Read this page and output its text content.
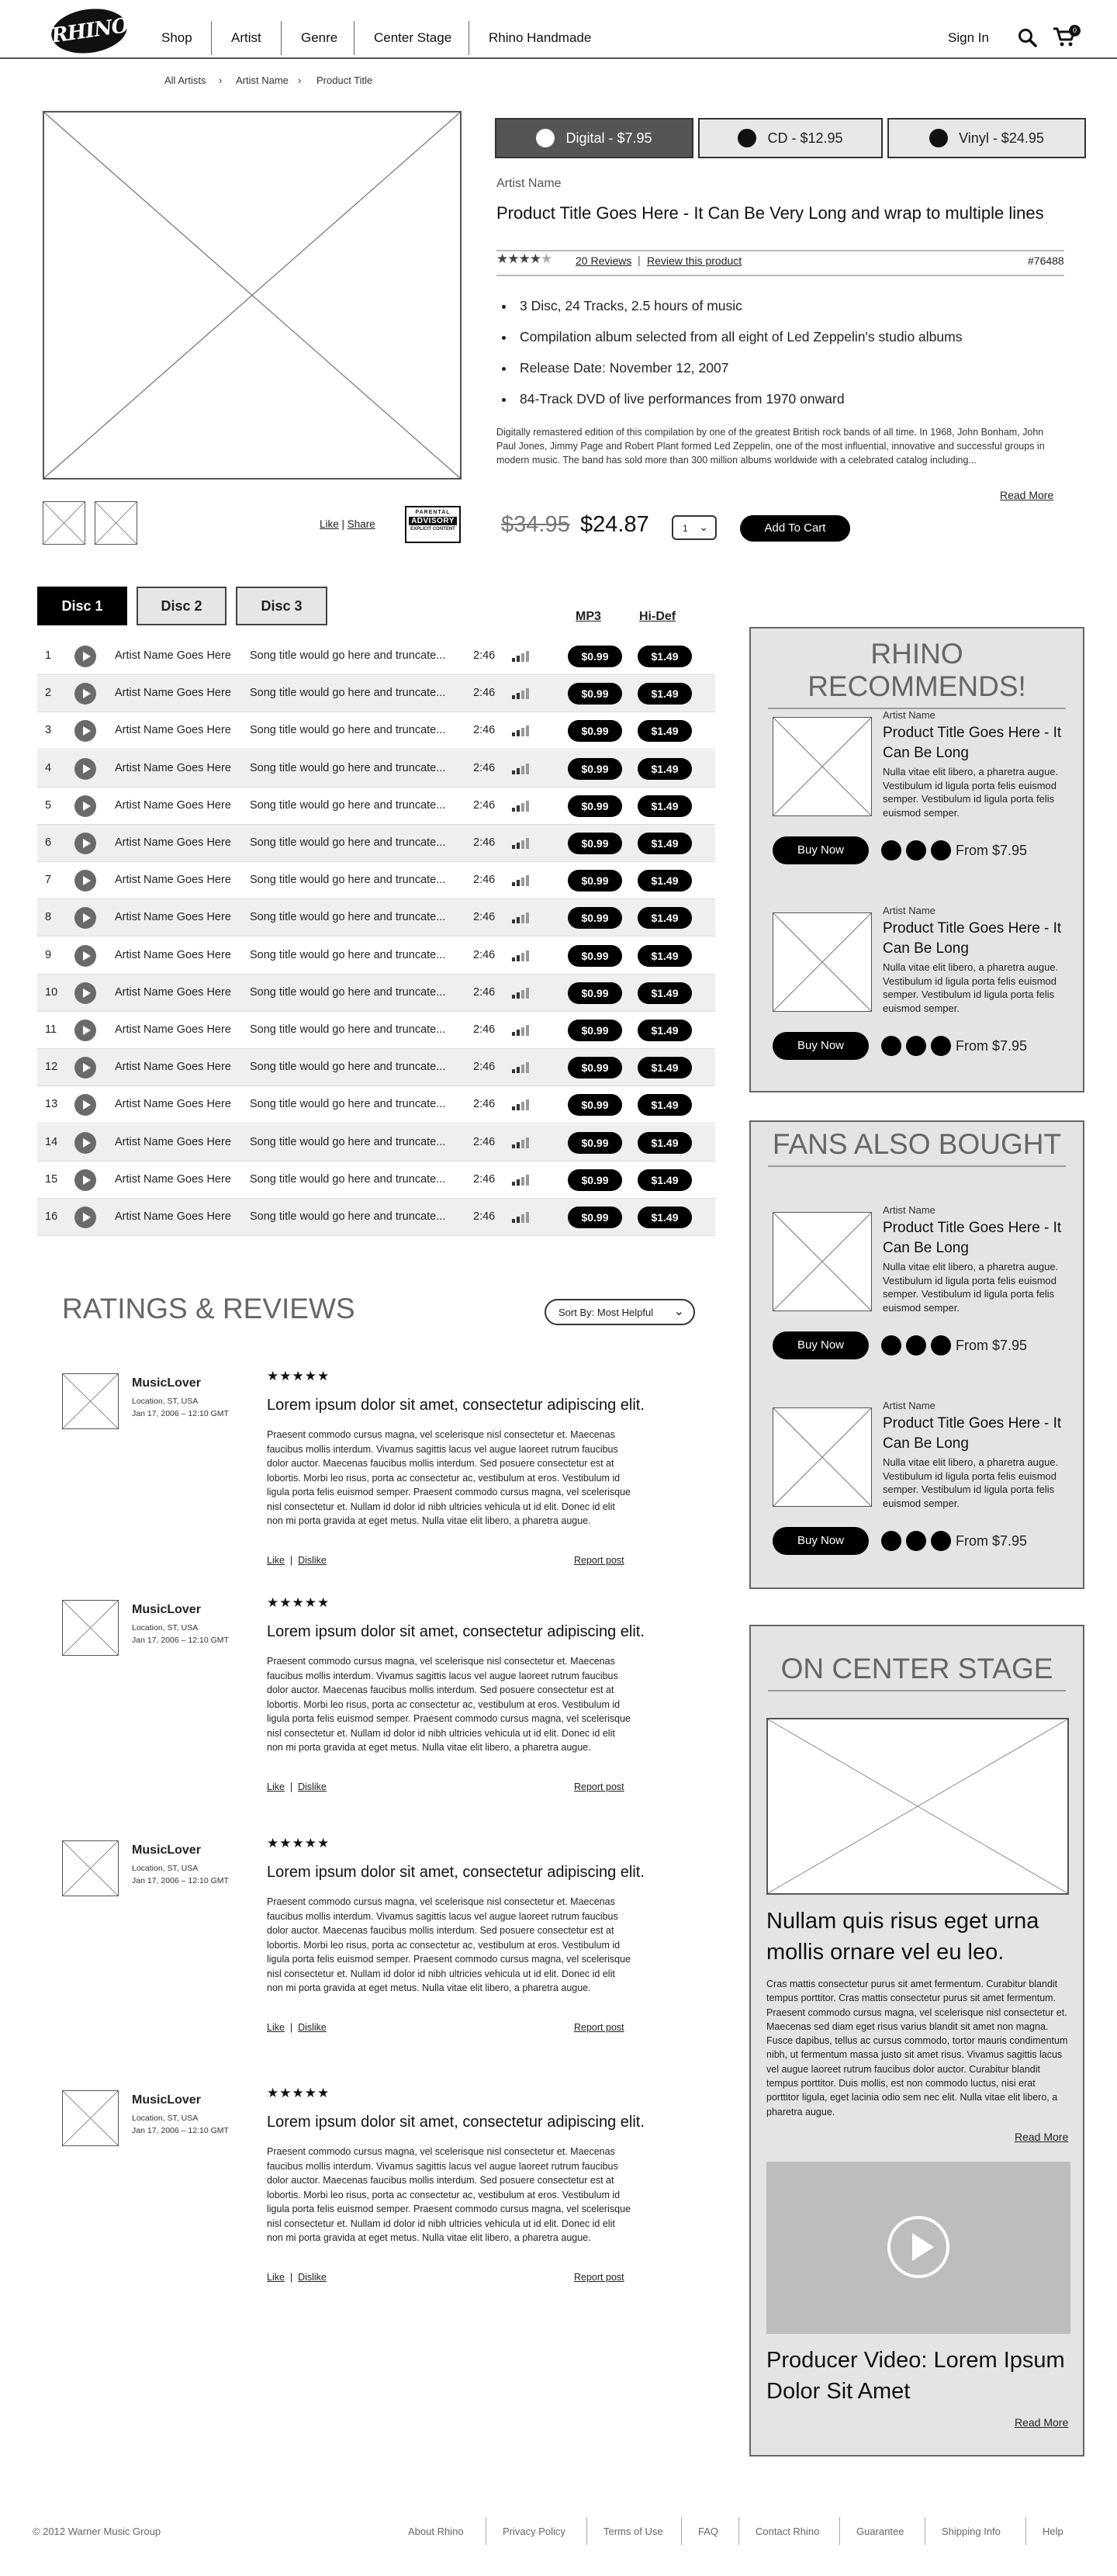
RHINO Shop	Artist	Genre	Center Stage	Rhino Handmade	Sign In	0
All Artists › Artist Name › Product Title
Like | Share
PARENTAL
ADVISORY
EXPLICIT CONTENT
Digital - $7.95	CD - $12.95	Vinyl - $24.95
Artist Name
Product Title Goes Here - It Can Be Very Long and wrap to multiple lines
★★★★★ 20 Reviews | Review this product	#76488
• 3 Disc, 24 Tracks, 2.5 hours of music
• Compilation album selected from all eight of Led Zeppelin's studio albums
• Release Date: November 12, 2007
• 84-Track DVD of live performances from 1970 onward
Digitally remastered edition of this compilation by one of the greatest British rock bands of all time. In 1968, John Bonham, John Paul Jones, Jimmy Page and Robert Plant formed Led Zeppelin, one of the most influential, innovative and successful groups in modern music. The band has sold more than 300 million albums worldwide with a celebrated catalog including...
Read More
$34.95 $24.87	1 ⌄	Add To Cart
Disc 1	Disc 2	Disc 3
MP3	Hi-Def
1	Artist Name Goes Here Song title would go here and truncate... 2:46	$0.99	$1.49
2	Artist Name Goes Here Song title would go here and truncate... 2:46	$0.99	$1.49
3	Artist Name Goes Here Song title would go here and truncate... 2:46	$0.99	$1.49
4	Artist Name Goes Here Song title would go here and truncate... 2:46	$0.99	$1.49
5	Artist Name Goes Here Song title would go here and truncate... 2:46	$0.99	$1.49
6	Artist Name Goes Here Song title would go here and truncate... 2:46	$0.99	$1.49
7	Artist Name Goes Here Song title would go here and truncate... 2:46	$0.99	$1.49
8	Artist Name Goes Here Song title would go here and truncate... 2:46	$0.99	$1.49
9	Artist Name Goes Here Song title would go here and truncate... 2:46	$0.99	$1.49
10	Artist Name Goes Here Song title would go here and truncate... 2:46	$0.99	$1.49
11	Artist Name Goes Here Song title would go here and truncate... 2:46	$0.99	$1.49
12	Artist Name Goes Here Song title would go here and truncate... 2:46	$0.99	$1.49
13	Artist Name Goes Here Song title would go here and truncate... 2:46	$0.99	$1.49
14	Artist Name Goes Here Song title would go here and truncate... 2:46	$0.99	$1.49
15	Artist Name Goes Here Song title would go here and truncate... 2:46	$0.99	$1.49
16	Artist Name Goes Here Song title would go here and truncate... 2:46	$0.99	$1.49
RATINGS & REVIEWS	Sort By: Most Helpful ⌄
MusicLover
Location, ST, USA
Jan 17, 2006 – 12:10 GMT
★★★★★
Lorem ipsum dolor sit amet, consectetur adipiscing elit.
Praesent commodo cursus magna, vel scelerisque nisl consectetur et. Maecenas faucibus mollis interdum. Vivamus sagittis lacus vel augue laoreet rutrum faucibus dolor auctor. Maecenas faucibus mollis interdum. Sed posuere consectetur est at lobortis. Morbi leo risus, porta ac consectetur ac, vestibulum at eros. Vestibulum id ligula porta felis euismod semper. Praesent commodo cursus magna, vel scelerisque nisl consectetur et. Nullam id dolor id nibh ultricies vehicula ut id elit. Donec id elit non mi porta gravida at eget metus. Nulla vitae elit libero, a pharetra augue.
Like  |  Dislike	Report post
MusicLover
Location, ST, USA
Jan 17, 2006 – 12:10 GMT
★★★★★
Lorem ipsum dolor sit amet, consectetur adipiscing elit.
Praesent commodo cursus magna, vel scelerisque nisl consectetur et. Maecenas faucibus mollis interdum. Vivamus sagittis lacus vel augue laoreet rutrum faucibus dolor auctor. Maecenas faucibus mollis interdum. Sed posuere consectetur est at lobortis. Morbi leo risus, porta ac consectetur ac, vestibulum at eros. Vestibulum id ligula porta felis euismod semper. Praesent commodo cursus magna, vel scelerisque nisl consectetur et. Nullam id dolor id nibh ultricies vehicula ut id elit. Donec id elit non mi porta gravida at eget metus. Nulla vitae elit libero, a pharetra augue.
Like  |  Dislike	Report post
MusicLover
Location, ST, USA
Jan 17, 2006 – 12:10 GMT
★★★★★
Lorem ipsum dolor sit amet, consectetur adipiscing elit.
Praesent commodo cursus magna, vel scelerisque nisl consectetur et. Maecenas faucibus mollis interdum. Vivamus sagittis lacus vel augue laoreet rutrum faucibus dolor auctor. Maecenas faucibus mollis interdum. Sed posuere consectetur est at lobortis. Morbi leo risus, porta ac consectetur ac, vestibulum at eros. Vestibulum id ligula porta felis euismod semper. Praesent commodo cursus magna, vel scelerisque nisl consectetur et. Nullam id dolor id nibh ultricies vehicula ut id elit. Donec id elit non mi porta gravida at eget metus. Nulla vitae elit libero, a pharetra augue.
Like  |  Dislike	Report post
MusicLover
Location, ST, USA
Jan 17, 2006 – 12:10 GMT
★★★★★
Lorem ipsum dolor sit amet, consectetur adipiscing elit.
Praesent commodo cursus magna, vel scelerisque nisl consectetur et. Maecenas faucibus mollis interdum. Vivamus sagittis lacus vel augue laoreet rutrum faucibus dolor auctor. Maecenas faucibus mollis interdum. Sed posuere consectetur est at lobortis. Morbi leo risus, porta ac consectetur ac, vestibulum at eros. Vestibulum id ligula porta felis euismod semper. Praesent commodo cursus magna, vel scelerisque nisl consectetur et. Nullam id dolor id nibh ultricies vehicula ut id elit. Donec id elit non mi porta gravida at eget metus. Nulla vitae elit libero, a pharetra augue.
Like  |  Dislike	Report post
RHINO RECOMMENDS!
FANS ALSO BOUGHT
Artist Name
Product Title Goes Here - It Can Be Long
Nulla vitae elit libero, a pharetra augue. Vestibulum id ligula porta felis euismod semper. Vestibulum id ligula porta felis euismod semper.
Buy Now	From $7.95
Artist Name
Product Title Goes Here - It Can Be Long
Nulla vitae elit libero, a pharetra augue. Vestibulum id ligula porta felis euismod semper. Vestibulum id ligula porta felis euismod semper.
Buy Now	From $7.95
Artist Name
Product Title Goes Here - It Can Be Long
Nulla vitae elit libero, a pharetra augue. Vestibulum id ligula porta felis euismod semper. Vestibulum id ligula porta felis euismod semper.
Buy Now	From $7.95
Artist Name
Product Title Goes Here - It Can Be Long
Nulla vitae elit libero, a pharetra augue. Vestibulum id ligula porta felis euismod semper. Vestibulum id ligula porta felis euismod semper.
Buy Now	From $7.95
ON CENTER STAGE
Nullam quis risus eget urna mollis ornare vel eu leo.
Cras mattis consectetur purus sit amet fermentum. Curabitur blandit tempus porttitor. Cras mattis consectetur purus sit amet fermentum. Praesent commodo cursus magna, vel scelerisque nisl consectetur et. Maecenas sed diam eget risus varius blandit sit amet non magna. Fusce dapibus, tellus ac cursus commodo, tortor mauris condimentum nibh, ut fermentum massa justo sit amet risus. Vivamus sagittis lacus vel augue laoreet rutrum faucibus dolor auctor. Curabitur blandit tempus porttitor. Duis mollis, est non commodo luctus, nisi erat porttitor ligula, eget lacinia odio sem nec elit. Nulla vitae elit libero, a pharetra augue.
Read More
Producer Video: Lorem Ipsum Dolor Sit Amet
Read More
© 2012 Warner Music Group	About Rhino	Privacy Policy	Terms of Use	FAQ	Contact Rhino	Guarantee	Shipping Info	Help
